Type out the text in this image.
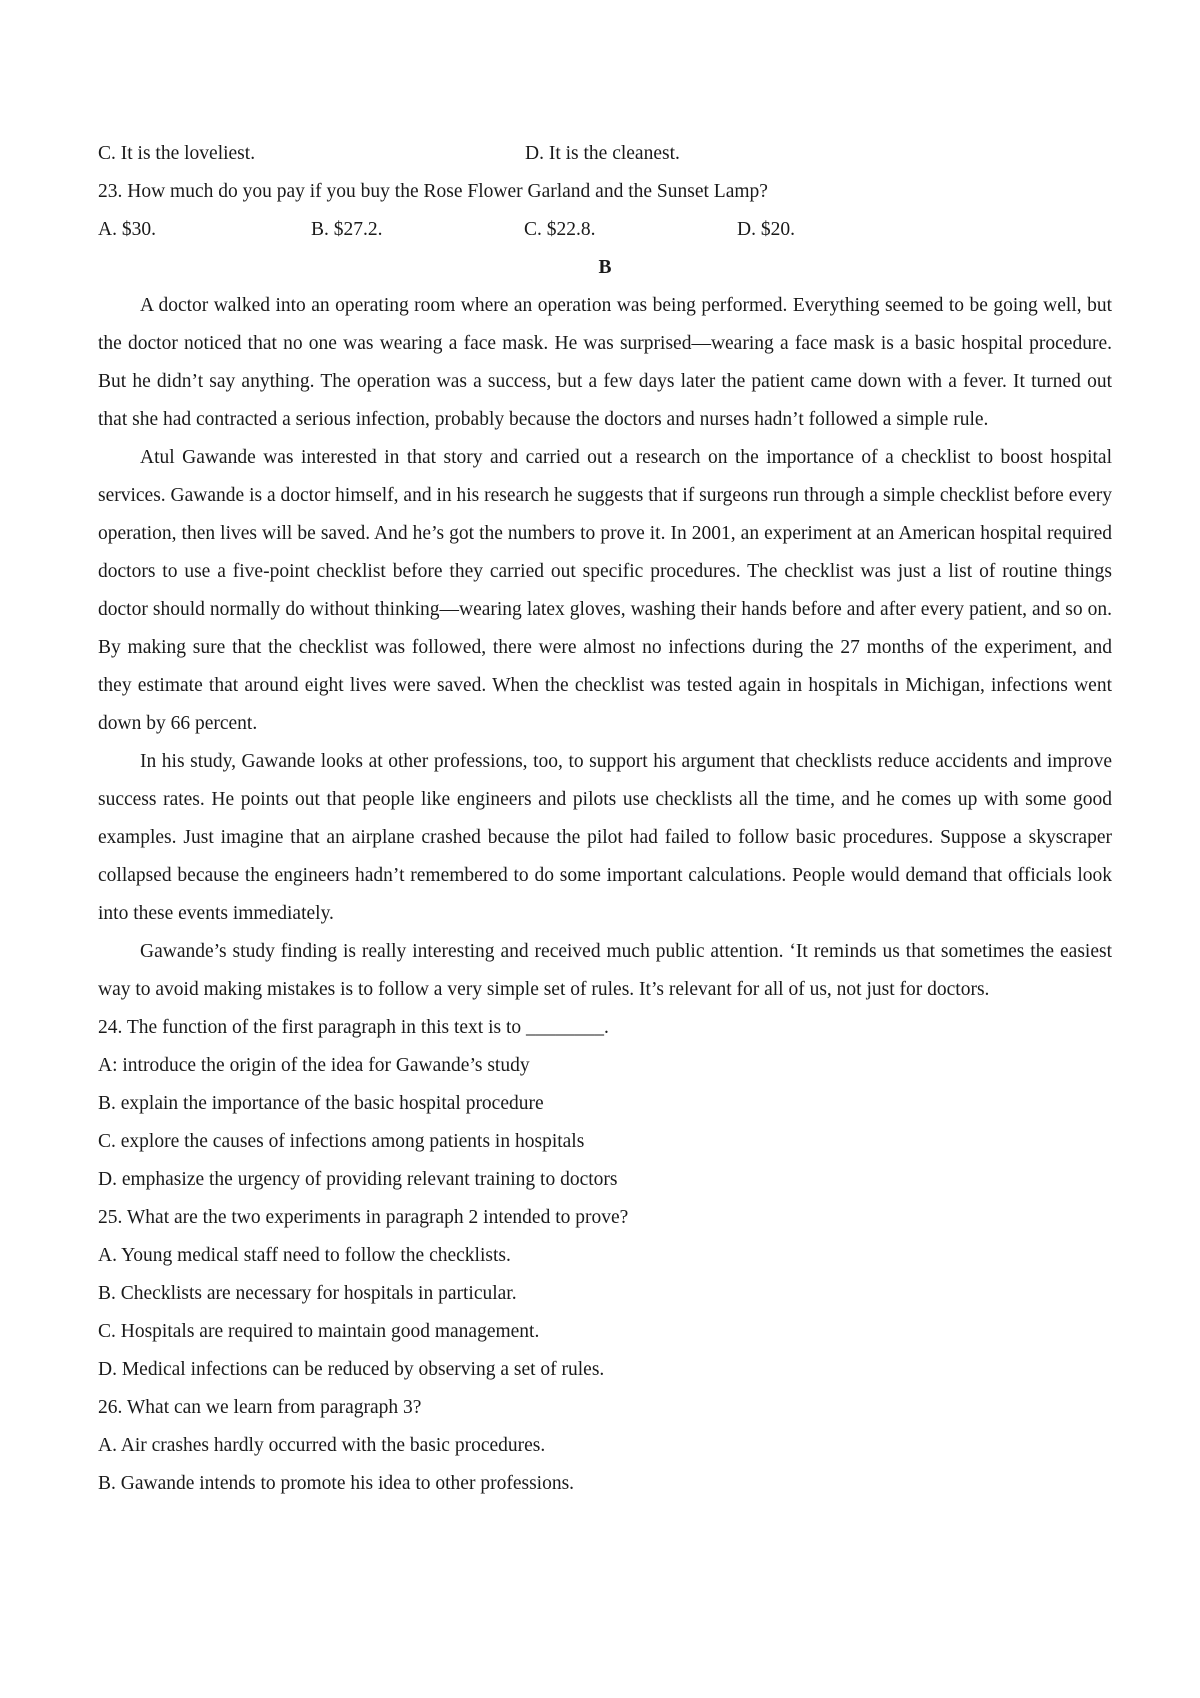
C. It is the loveliest.	D. It is the cleanest.
23. How much do you pay if you buy the Rose Flower Garland and the Sunset Lamp?
A. $30.	B. $27.2.	C. $22.8.	D. $20.
B

A doctor walked into an operating room where an operation was being performed. Everything seemed to be going well, but the doctor noticed that no one was wearing a face mask. He was surprised—wearing a face mask is a basic hospital procedure. But he didn’t say anything. The operation was a success, but a few days later the patient came down with a fever. It turned out that she had contracted a serious infection, probably because the doctors and nurses hadn’t followed a simple rule.

Atul Gawande was interested in that story and carried out a research on the importance of a checklist to boost hospital services. Gawande is a doctor himself, and in his research he suggests that if surgeons run through a simple checklist before every operation, then lives will be saved. And he’s got the numbers to prove it. In 2001, an experiment at an American hospital required doctors to use a five-point checklist before they carried out specific procedures. The checklist was just a list of routine things doctor should normally do without thinking—wearing latex gloves, washing their hands before and after every patient, and so on. By making sure that the checklist was followed, there were almost no infections during the 27 months of the experiment, and they estimate that around eight lives were saved. When the checklist was tested again in hospitals in Michigan, infections went down by 66 percent.

In his study, Gawande looks at other professions, too, to support his argument that checklists reduce accidents and improve success rates. He points out that people like engineers and pilots use checklists all the time, and he comes up with some good examples. Just imagine that an airplane crashed because the pilot had failed to follow basic procedures. Suppose a skyscraper collapsed because the engineers hadn’t remembered to do some important calculations. People would demand that officials look into these events immediately.

Gawande’s study finding is really interesting and received much public attention. ‘It reminds us that sometimes the easiest way to avoid making mistakes is to follow a very simple set of rules. It’s relevant for all of us, not just for doctors.

24. The function of the first paragraph in this text is to ________.
A: introduce the origin of the idea for Gawande’s study
B. explain the importance of the basic hospital procedure
C. explore the causes of infections among patients in hospitals
D. emphasize the urgency of providing relevant training to doctors
25. What are the two experiments in paragraph 2 intended to prove?
A. Young medical staff need to follow the checklists.
B. Checklists are necessary for hospitals in particular.
C. Hospitals are required to maintain good management.
D. Medical infections can be reduced by observing a set of rules.
26. What can we learn from paragraph 3?
A. Air crashes hardly occurred with the basic procedures.
B. Gawande intends to promote his idea to other professions.
